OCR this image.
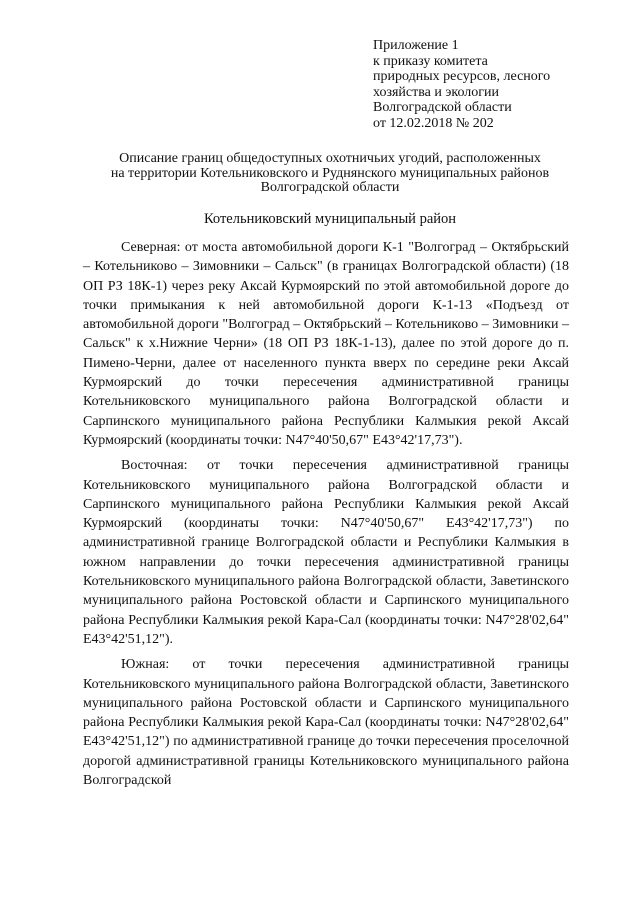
Приложение 1
к приказу комитета
природных ресурсов, лесного
хозяйства и экологии
Волгоградской области
от 12.02.2018 № 202
Описание границ общедоступных охотничьих угодий, расположенных
на территории Котельниковского и Руднянского муниципальных районов
Волгоградской области
Котельниковский муниципальный район

Северная: от моста автомобильной дороги К-1 "Волгоград – Октябрьский – Котельниково – Зимовники – Сальск" (в границах Волгоградской области) (18 ОП РЗ 18К-1) через реку Аксай Курмоярский по этой автомобильной дороге до точки примыкания к ней автомобильной дороги К-1-13 «Подъезд от автомобильной дороги "Волгоград – Октябрьский – Котельниково – Зимовники – Сальск" к х.Нижние Черни» (18 ОП РЗ 18К-1-13), далее по этой дороге до п. Пимено-Черни, далее от населенного пункта вверх по середине реки Аксай Курмоярский до точки пересечения административной границы Котельниковского муниципального района Волгоградской области и Сарпинского муниципального района Республики Калмыкия рекой Аксай Курмоярский (координаты точки: N47°40'50,67" E43°42'17,73").

Восточная: от точки пересечения административной границы Котельниковского муниципального района Волгоградской области и Сарпинского муниципального района Республики Калмыкия рекой Аксай Курмоярский (координаты точки: N47°40'50,67" E43°42'17,73") по административной границе Волгоградской области и Республики Калмыкия в южном направлении до точки пересечения административной границы Котельниковского муниципального района Волгоградской области, Заветинского муниципального района Ростовской области и Сарпинского муниципального района Республики Калмыкия рекой Кара-Сал (координаты точки: N47°28'02,64" E43°42'51,12").

Южная: от точки пересечения административной границы Котельниковского муниципального района Волгоградской области, Заветинского муниципального района Ростовской области и Сарпинского муниципального района Республики Калмыкия рекой Кара-Сал (координаты точки: N47°28'02,64" E43°42'51,12") по административной границе до точки пересечения проселочной дорогой административной границы Котельниковского муниципального района Волгоградской
